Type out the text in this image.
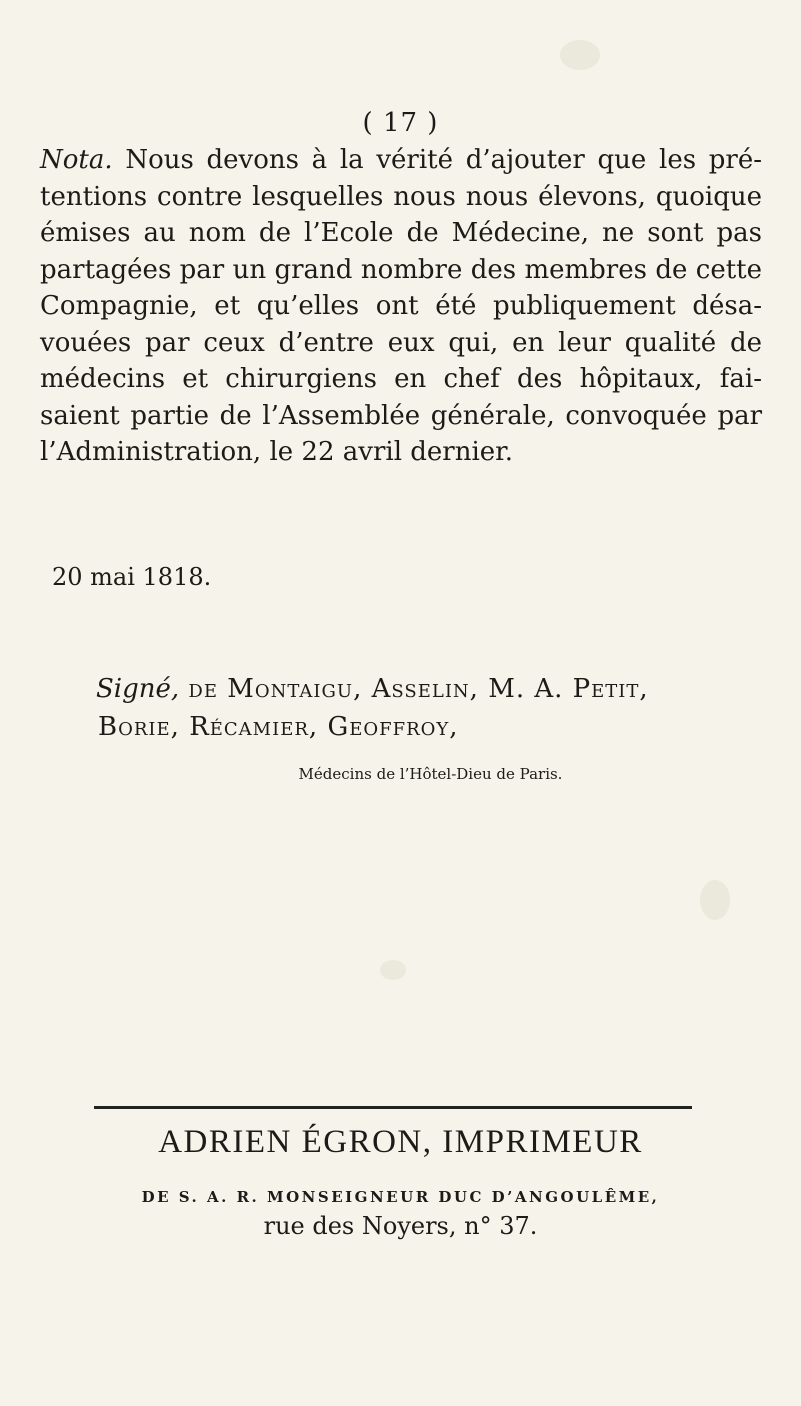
( 17 )
Nota. Nous devons à la vérité d’ajouter que les pré- tentions contre lesquelles nous nous élevons, quoique émises au nom de l’Ecole de Médecine, ne sont pas partagées par un grand nombre des membres de cette Compagnie, et qu’elles ont été publiquement désa- vouées par ceux d’entre eux qui, en leur qualité de médecins et chirurgiens en chef des hôpitaux, fai- saient partie de l’Assemblée générale, convoquée par l’Administration, le 22 avril dernier.
20 mai 1818.
Signé, de Montaigu, Asselin, M. A. Petit,
Borie, Récamier, Geoffroy,
Médecins de l’Hôtel-Dieu de Paris.
ADRIEN ÉGRON, IMPRIMEUR
DE S. A. R. MONSEIGNEUR DUC D’ANGOULÊME,
rue des Noyers, n° 37.
